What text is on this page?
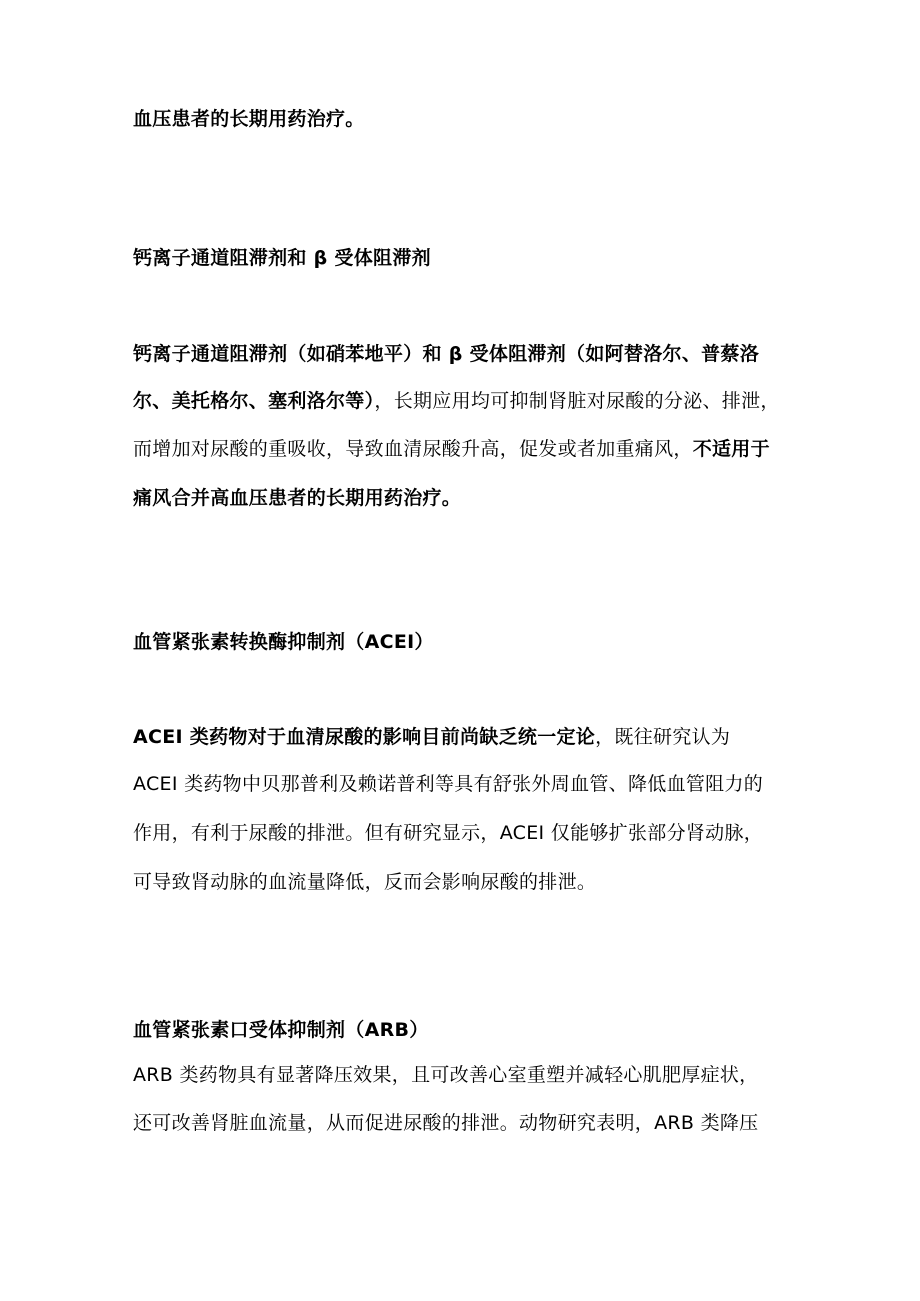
血压患者的长期用药治疗。
钙离子通道阻滞剂和 β 受体阻滞剂
钙离子通道阻滞剂（如硝苯地平）和 β 受体阻滞剂（如阿替洛尔、普蔡洛
尔、美托格尔、塞利洛尔等），长期应用均可抑制肾脏对尿酸的分泌、排泄，
而增加对尿酸的重吸收，导致血清尿酸升高，促发或者加重痛风，不适用于
痛风合并高血压患者的长期用药治疗。
血管紧张素转换酶抑制剂（ACEI）
ACEI 类药物对于血清尿酸的影响目前尚缺乏统一定论，既往研究认为
ACEI 类药物中贝那普利及赖诺普利等具有舒张外周血管、降低血管阻力的
作用，有利于尿酸的排泄。但有研究显示，ACEI 仅能够扩张部分肾动脉，
可导致肾动脉的血流量降低，反而会影响尿酸的排泄。
血管紧张素口受体抑制剂（ARB）
ARB 类药物具有显著降压效果，且可改善心室重塑并减轻心肌肥厚症状，
还可改善肾脏血流量，从而促进尿酸的排泄。动物研究表明，ARB 类降压
